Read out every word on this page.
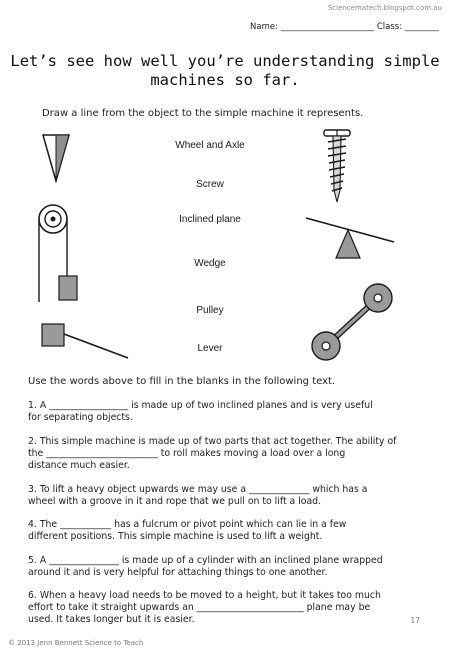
Sciencematech.blogspot.com.au
Name: ______________________ Class: ________
Let’s see how well you’re understanding simple
machines so far.
Draw a line from the object to the simple machine it represents.
Wheel and Axle
Screw
Inclined plane
Wedge
Pulley
Lever
Use the words above to fill in the blanks in the following text.
1. A _________________ is made up of two inclined planes and is very useful
for separating objects.
2. This simple machine is made up of two parts that act together. The ability of
the ________________________ to roll makes moving a load over a long
distance much easier.
3. To lift a heavy object upwards we may use a _____________ which has a
wheel with a groove in it and rope that we pull on to lift a load.
4. The ___________ has a fulcrum or pivot point which can lie in a few
different positions. This simple machine is used to lift a weight.
5. A _______________ is made up of a cylinder with an inclined plane wrapped
around it and is very helpful for attaching things to one another.
6. When a heavy load needs to be moved to a height, but it takes too much
effort to take it straight upwards an _______________________ plane may be
used. It takes longer but it is easier.	17
© 2013 Jenn Bennett Science to Teach
